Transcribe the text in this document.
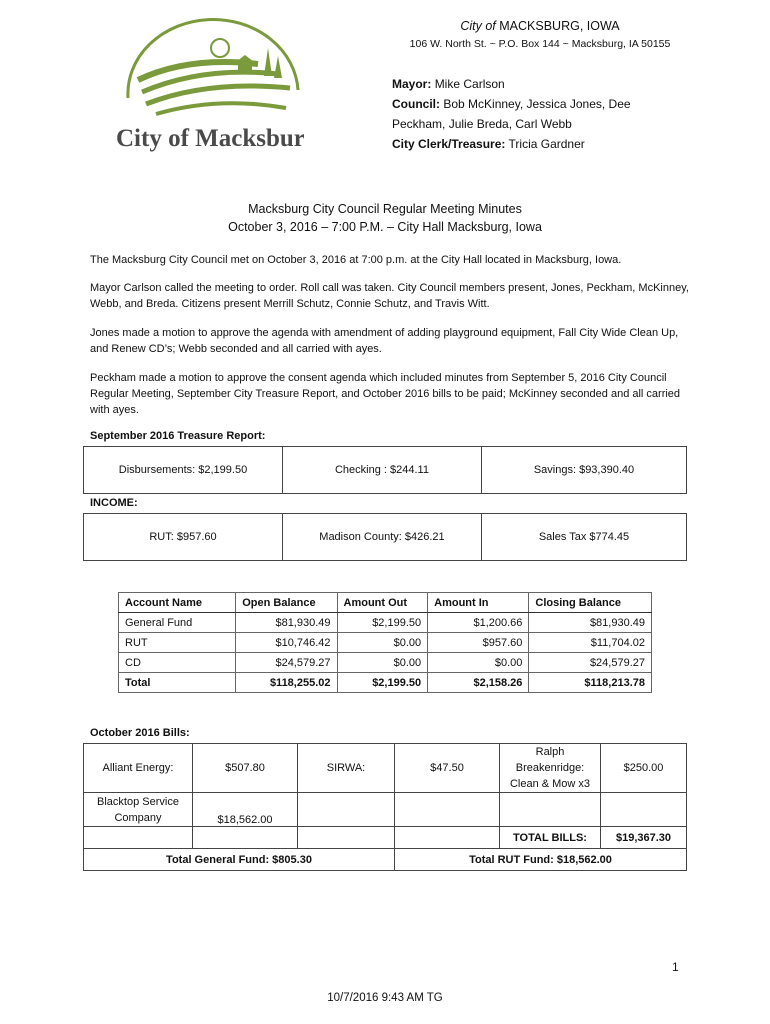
City of Macksburg
City of MACKSBURG, IOWA
106 W. North St. ~ P.O. Box 144 ~ Macksburg, IA 50155
Mayor: Mike Carlson
Council: Bob McKinney, Jessica Jones, Dee
Peckham, Julie Breda, Carl Webb
City Clerk/Treasure: Tricia Gardner
Macksburg City Council Regular Meeting Minutes
October 3, 2016 – 7:00 P.M. – City Hall Macksburg, Iowa
The Macksburg City Council met on October 3, 2016 at 7:00 p.m. at the City Hall located in Macksburg, Iowa.
Mayor Carlson called the meeting to order. Roll call was taken. City Council members present, Jones, Peckham, McKinney, Webb, and Breda. Citizens present Merrill Schutz, Connie Schutz, and Travis Witt.
Jones made a motion to approve the agenda with amendment of adding playground equipment, Fall City Wide Clean Up, and Renew CD’s; Webb seconded and all carried with ayes.
Peckham made a motion to approve the consent agenda which included minutes from September 5, 2016 City Council Regular Meeting, September City Treasure Report, and October 2016 bills to be paid; McKinney seconded and all carried with ayes.
September 2016 Treasure Report:
Disbursements: $2,199.50	Checking : $244.11	Savings: $93,390.40
INCOME:
RUT: $957.60	Madison County: $426.21	Sales Tax $774.45
Account Name	Open Balance	Amount Out	Amount In	Closing Balance
General Fund	$81,930.49	$2,199.50	$1,200.66	$81,930.49
RUT	$10,746.42	$0.00	$957.60	$11,704.02
CD	$24,579.27	$0.00	$0.00	$24,579.27
Total	$118,255.02	$2,199.50	$2,158.26	$118,213.78
October 2016 Bills:
Alliant Energy:	$507.80	SIRWA:	$47.50	Ralph Breakenridge: Clean & Mow x3	$250.00
Blacktop Service Company	$18,562.00				
				TOTAL BILLS:	$19,367.30
Total General Fund: $805.30			Total RUT Fund: $18,562.00		
1
10/7/2016 9:43 AM TG
